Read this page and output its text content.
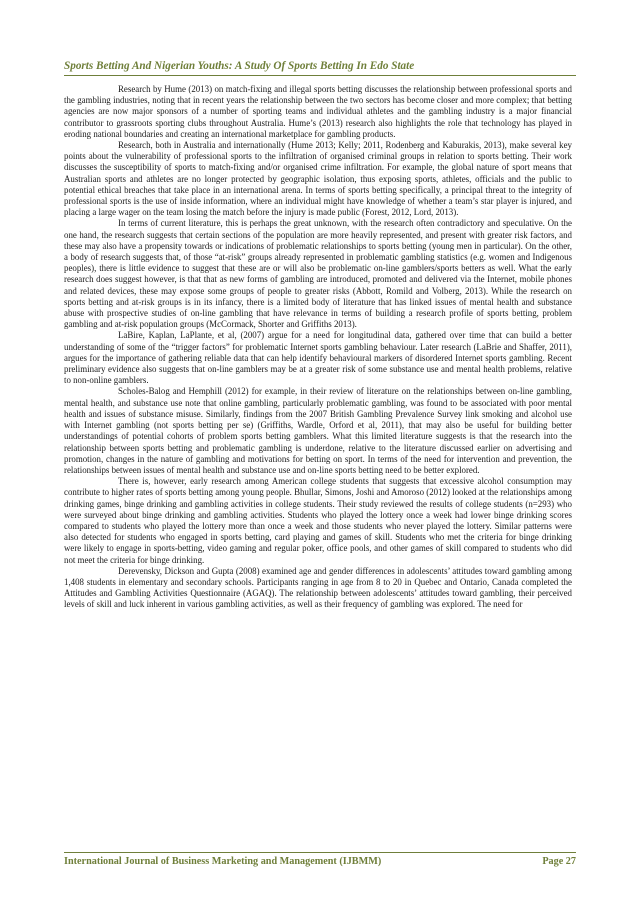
Sports Betting And Nigerian Youths: A Study Of Sports Betting In Edo State

Research by Hume (2013) on match-fixing and illegal sports betting discusses the relationship between professional sports and the gambling industries, noting that in recent years the relationship between the two sectors has become closer and more complex; that betting agencies are now major sponsors of a number of sporting teams and individual athletes and the gambling industry is a major financial contributor to grassroots sporting clubs throughout Australia. Hume’s (2013) research also highlights the role that technology has played in eroding national boundaries and creating an international marketplace for gambling products.

Research, both in Australia and internationally (Hume 2013; Kelly; 2011, Rodenberg and Kaburakis, 2013), make several key points about the vulnerability of professional sports to the infiltration of organised criminal groups in relation to sports betting. Their work discusses the susceptibility of sports to match-fixing and/or organised crime infiltration. For example, the global nature of sport means that Australian sports and athletes are no longer protected by geographic isolation, thus exposing sports, athletes, officials and the public to potential ethical breaches that take place in an international arena. In terms of sports betting specifically, a principal threat to the integrity of professional sports is the use of inside information, where an individual might have knowledge of whether a team’s star player is injured, and placing a large wager on the team losing the match before the injury is made public (Forest, 2012, Lord, 2013).

In terms of current literature, this is perhaps the great unknown, with the research often contradictory and speculative. On the one hand, the research suggests that certain sections of the population are more heavily represented, and present with greater risk factors, and these may also have a propensity towards or indications of problematic relationships to sports betting (young men in particular). On the other, a body of research suggests that, of those “at-risk” groups already represented in problematic gambling statistics (e.g. women and Indigenous peoples), there is little evidence to suggest that these are or will also be problematic on-line gamblers/sports betters as well. What the early research does suggest however, is that that as new forms of gambling are introduced, promoted and delivered via the Internet, mobile phones and related devices, these may expose some groups of people to greater risks (Abbott, Romild and Volberg, 2013). While the research on sports betting and at-risk groups is in its infancy, there is a limited body of literature that has linked issues of mental health and substance abuse with prospective studies of on-line gambling that have relevance in terms of building a research profile of sports betting, problem gambling and at-risk population groups (McCormack, Shorter and Griffiths 2013).

LaBire, Kaplan, LaPlante, et al, (2007) argue for a need for longitudinal data, gathered over time that can build a better understanding of some of the “trigger factors” for problematic Internet sports gambling behaviour. Later research (LaBrie and Shaffer, 2011), argues for the importance of gathering reliable data that can help identify behavioural markers of disordered Internet sports gambling. Recent preliminary evidence also suggests that on-line gamblers may be at a greater risk of some substance use and mental health problems, relative to non-online gamblers.

Scholes-Balog and Hemphill (2012) for example, in their review of literature on the relationships between on-line gambling, mental health, and substance use note that online gambling, particularly problematic gambling, was found to be associated with poor mental health and issues of substance misuse. Similarly, findings from the 2007 British Gambling Prevalence Survey link smoking and alcohol use with Internet gambling (not sports betting per se) (Griffiths, Wardle, Orford et al, 2011), that may also be useful for building better understandings of potential cohorts of problem sports betting gamblers. What this limited literature suggests is that the research into the relationship between sports betting and problematic gambling is underdone, relative to the literature discussed earlier on advertising and promotion, changes in the nature of gambling and motivations for betting on sport. In terms of the need for intervention and prevention, the relationships between issues of mental health and substance use and on-line sports betting need to be better explored.

There is, however, early research among American college students that suggests that excessive alcohol consumption may contribute to higher rates of sports betting among young people. Bhullar, Simons, Joshi and Amoroso (2012) looked at the relationships among drinking games, binge drinking and gambling activities in college students. Their study reviewed the results of college students (n=293) who were surveyed about binge drinking and gambling activities. Students who played the lottery once a week had lower binge drinking scores compared to students who played the lottery more than once a week and those students who never played the lottery. Similar patterns were also detected for students who engaged in sports betting, card playing and games of skill. Students who met the criteria for binge drinking were likely to engage in sports-betting, video gaming and regular poker, office pools, and other games of skill compared to students who did not meet the criteria for binge drinking.

Derevensky, Dickson and Gupta (2008) examined age and gender differences in adolescents’ attitudes toward gambling among 1,408 students in elementary and secondary schools. Participants ranging in age from 8 to 20 in Quebec and Ontario, Canada completed the Attitudes and Gambling Activities Questionnaire (AGAQ). The relationship between adolescents’ attitudes toward gambling, their perceived levels of skill and luck inherent in various gambling activities, as well as their frequency of gambling was explored. The need for

International Journal of Business Marketing and Management (IJBMM)	Page 27
